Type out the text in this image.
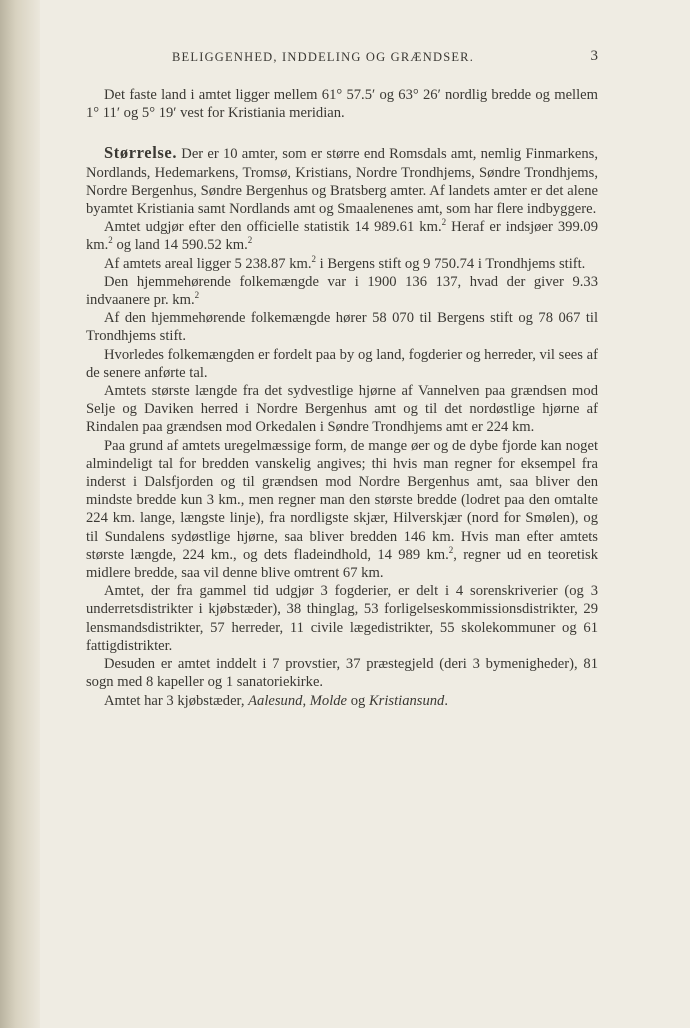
BELIGGENHED, INDDELING OG GRÆNDSER.	3

Det faste land i amtet ligger mellem 61° 57.5′ og 63° 26′ nordlig bredde og mellem 1° 11′ og 5° 19′ vest for Kristiania meridian.

Størrelse. Der er 10 amter, som er større end Romsdals amt, nemlig Finmarkens, Nordlands, Hedemarkens, Tromsø, Kristians, Nordre Trondhjems, Søndre Trondhjems, Nordre Bergenhus, Søndre Bergenhus og Bratsberg amter. Af landets amter er det alene byamtet Kristiania samt Nordlands amt og Smaalenenes amt, som har flere indbyggere.

Amtet udgjør efter den officielle statistik 14 989.61 km.$^2$ Heraf er indsjøer 399.09 km.$^2$ og land 14 590.52 km.$^2$

Af amtets areal ligger 5 238.87 km.$^2$ i Bergens stift og 9 750.74 i Trondhjems stift.

Den hjemmehørende folkemængde var i 1900 136 137, hvad der giver 9.33 indvaanere pr. km.$^2$

Af den hjemmehørende folkemængde hører 58 070 til Bergens stift og 78 067 til Trondhjems stift.

Hvorledes folkemængden er fordelt paa by og land, fogderier og herreder, vil sees af de senere anførte tal.

Amtets største længde fra det sydvestlige hjørne af Vannelven paa grændsen mod Selje og Daviken herred i Nordre Bergenhus amt og til det nordøstlige hjørne af Rindalen paa grændsen mod Orkedalen i Søndre Trondhjems amt er 224 km.

Paa grund af amtets uregelmæssige form, de mange øer og de dybe fjorde kan noget almindeligt tal for bredden vanskelig angives; thi hvis man regner for eksempel fra inderst i Dalsfjorden og til grændsen mod Nordre Bergenhus amt, saa bliver den mindste bredde kun 3 km., men regner man den største bredde (lodret paa den omtalte 224 km. lange, længste linje), fra nordligste skjær, Hilverskjær (nord for Smølen), og til Sundalens sydøstlige hjørne, saa bliver bredden 146 km. Hvis man efter amtets største længde, 224 km., og dets fladeindhold, 14 989 km.$^2$, regner ud en teoretisk midlere bredde, saa vil denne blive omtrent 67 km.

Amtet, der fra gammel tid udgjør 3 fogderier, er delt i 4 sorenskriverier (og 3 underretsdistrikter i kjøbstæder), 38 thinglag, 53 forligelseskommissionsdistrikter, 29 lensmandsdistrikter, 57 herreder, 11 civile lægedistrikter, 55 skolekommuner og 61 fattigdistrikter.

Desuden er amtet inddelt i 7 provstier, 37 præstegjeld (deri 3 bymenigheder), 81 sogn med 8 kapeller og 1 sanatoriekirke.

Amtet har 3 kjøbstæder, Aalesund, Molde og Kristiansund.
